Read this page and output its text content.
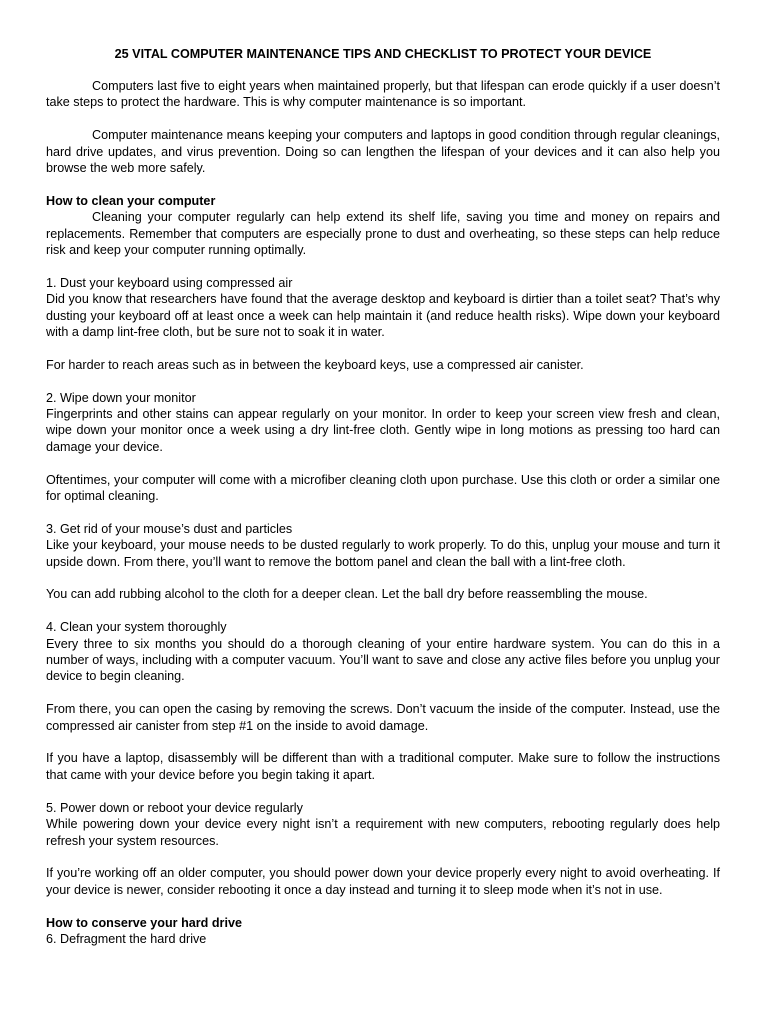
25 VITAL COMPUTER MAINTENANCE TIPS AND CHECKLIST TO PROTECT YOUR DEVICE

Computers last five to eight years when maintained properly, but that lifespan can erode quickly if a user doesn’t take steps to protect the hardware. This is why computer maintenance is so important.

Computer maintenance means keeping your computers and laptops in good condition through regular cleanings, hard drive updates, and virus prevention. Doing so can lengthen the lifespan of your devices and it can also help you browse the web more safely.

How to clean your computer

Cleaning your computer regularly can help extend its shelf life, saving you time and money on repairs and replacements. Remember that computers are especially prone to dust and overheating, so these steps can help reduce risk and keep your computer running optimally.

1. Dust your keyboard using compressed air

Did you know that researchers have found that the average desktop and keyboard is dirtier than a toilet seat? That’s why dusting your keyboard off at least once a week can help maintain it (and reduce health risks). Wipe down your keyboard with a damp lint-free cloth, but be sure not to soak it in water.

For harder to reach areas such as in between the keyboard keys, use a compressed air canister.

2. Wipe down your monitor

Fingerprints and other stains can appear regularly on your monitor. In order to keep your screen view fresh and clean, wipe down your monitor once a week using a dry lint-free cloth. Gently wipe in long motions as pressing too hard can damage your device.

Oftentimes, your computer will come with a microfiber cleaning cloth upon purchase. Use this cloth or order a similar one for optimal cleaning.

3. Get rid of your mouse’s dust and particles

Like your keyboard, your mouse needs to be dusted regularly to work properly. To do this, unplug your mouse and turn it upside down. From there, you’ll want to remove the bottom panel and clean the ball with a lint-free cloth.

You can add rubbing alcohol to the cloth for a deeper clean. Let the ball dry before reassembling the mouse.

4. Clean your system thoroughly

Every three to six months you should do a thorough cleaning of your entire hardware system. You can do this in a number of ways, including with a computer vacuum. You’ll want to save and close any active files before you unplug your device to begin cleaning.

From there, you can open the casing by removing the screws. Don’t vacuum the inside of the computer. Instead, use the compressed air canister from step #1 on the inside to avoid damage.

If you have a laptop, disassembly will be different than with a traditional computer. Make sure to follow the instructions that came with your device before you begin taking it apart.

5. Power down or reboot your device regularly

While powering down your device every night isn’t a requirement with new computers, rebooting regularly does help refresh your system resources.

If you’re working off an older computer, you should power down your device properly every night to avoid overheating. If your device is newer, consider rebooting it once a day instead and turning it to sleep mode when it’s not in use.

How to conserve your hard drive

6. Defragment the hard drive
